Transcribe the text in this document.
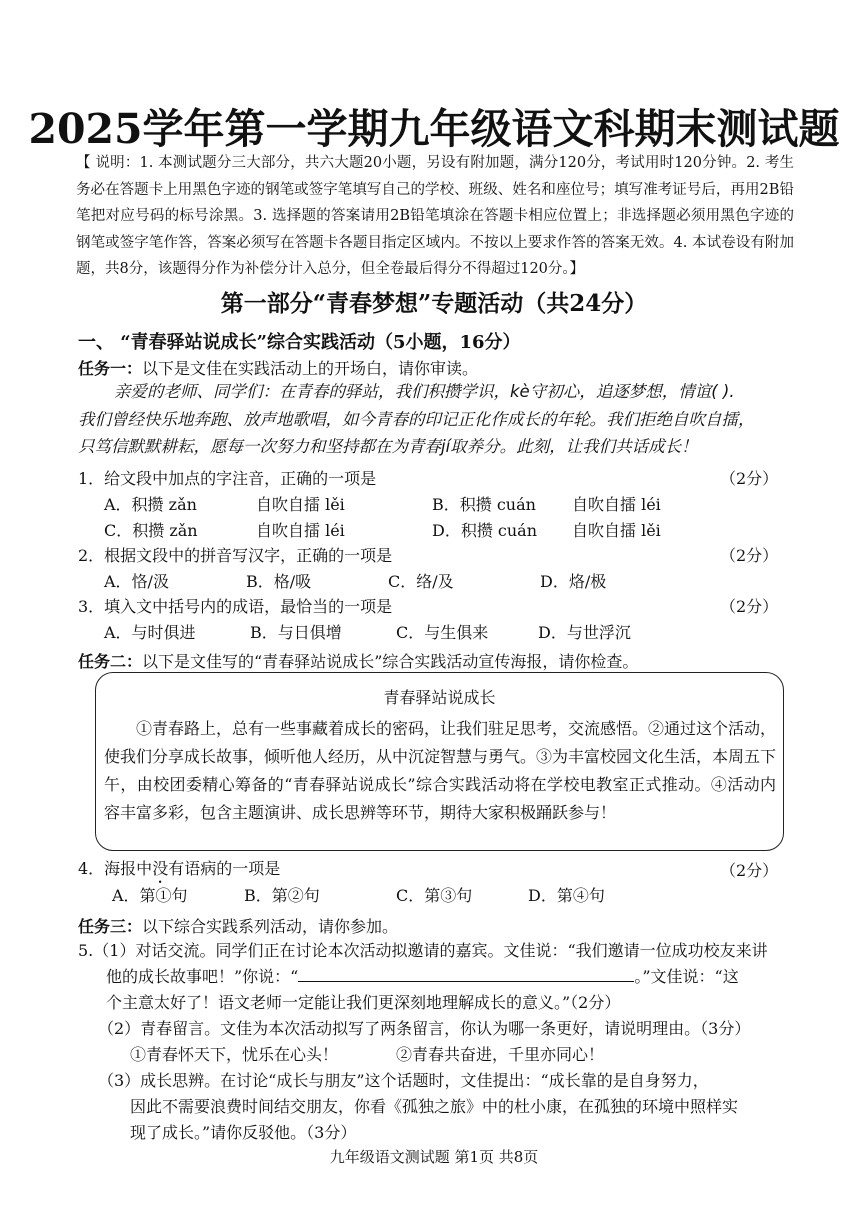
2025学年第一学期九年级语文科期末测试题
【 说明：1. 本测试题分三大部分，共六大题20小题，另设有附加题，满分120分，考试用时120分钟。2. 考生务必在答题卡上用黑色字迹的钢笔或签字笔填写自己的学校、班级、姓名和座位号；填写准考证号后，再用2B铅笔把对应号码的标号涂黑。3. 选择题的答案请用2B铅笔填涂在答题卡相应位置上；非选择题必须用黑色字迹的钢笔或签字笔作答，答案必须写在答题卡各题目指定区域内。不按以上要求作答的答案无效。4. 本试卷设有附加题，共8分，该题得分作为补偿分计入总分，但全卷最后得分不得超过120分。】
第一部分“青春梦想”专题活动（共24分）
一、 “青春驿站说成长”综合实践活动（5小题，16分）
任务一：以下是文佳在实践活动上的开场白，请你审读。
亲爱的老师、同学们：在青春的驿站，我们积攒学识，kè守初心，追逐梦想，情谊( ).
我们曾经快乐地奔跑、放声地歌唱，如今青春的印记正化作成长的年轮。我们拒绝自吹自擂，
只笃信默默耕耘，愿每一次努力和坚持都在为青春jí取养分。此刻，让我们共话成长！
1．给文段中加点的字注音，正确的一项是	（2分）
A．积攒 zǎn	自吹自擂 lěi	B．积攒 cuán 自吹自擂 léi
C．积攒 zǎn	自吹自擂 léi	D．积攒 cuán 自吹自擂 lěi
2．根据文段中的拼音写汉字，正确的一项是	（2分）
A．恪/汲	B．格/吸	C．络/及	D．烙/极
3．填入文中括号内的成语，最恰当的一项是	（2分）
A．与时俱进	B．与日俱增	C．与生俱来	D．与世浮沉
任务二：以下是文佳写的“青春驿站说成长”综合实践活动宣传海报，请你检查。
青春驿站说成长
①青春路上，总有一些事藏着成长的密码，让我们驻足思考，交流感悟。②通过这个活动，使我们分享成长故事，倾听他人经历，从中沉淀智慧与勇气。③为丰富校园文化生活，本周五下午，由校团委精心筹备的“青春驿站说成长”综合实践活动将在学校电教室正式推动。④活动内容丰富多彩，包含主题演讲、成长思辨等环节，期待大家积极踊跃参与！
4．海报中没有语病的一项是	（2分）
A．第①句	B．第②句	C．第③句	D．第④句
任务三：以下综合实践系列活动，请你参加。
5.（1）对话交流。同学们正在讨论本次活动拟邀请的嘉宾。文佳说：“我们邀请一位成功校友来讲
他的成长故事吧！”你说：“	。”文佳说：“这
个主意太好了！语文老师一定能让我们更深刻地理解成长的意义。”（2分）
（2）青春留言。文佳为本次活动拟写了两条留言，你认为哪一条更好，请说明理由。（3分）
①青春怀天下，忧乐在心头！	②青春共奋进，千里亦同心！
（3）成长思辨。在讨论“成长与朋友”这个话题时，文佳提出：“成长靠的是自身努力，
因此不需要浪费时间结交朋友，你看《孤独之旅》中的杜小康，在孤独的环境中照样实
现了成长。”请你反驳他。（3分）
九年级语文测试题 第1页 共8页
